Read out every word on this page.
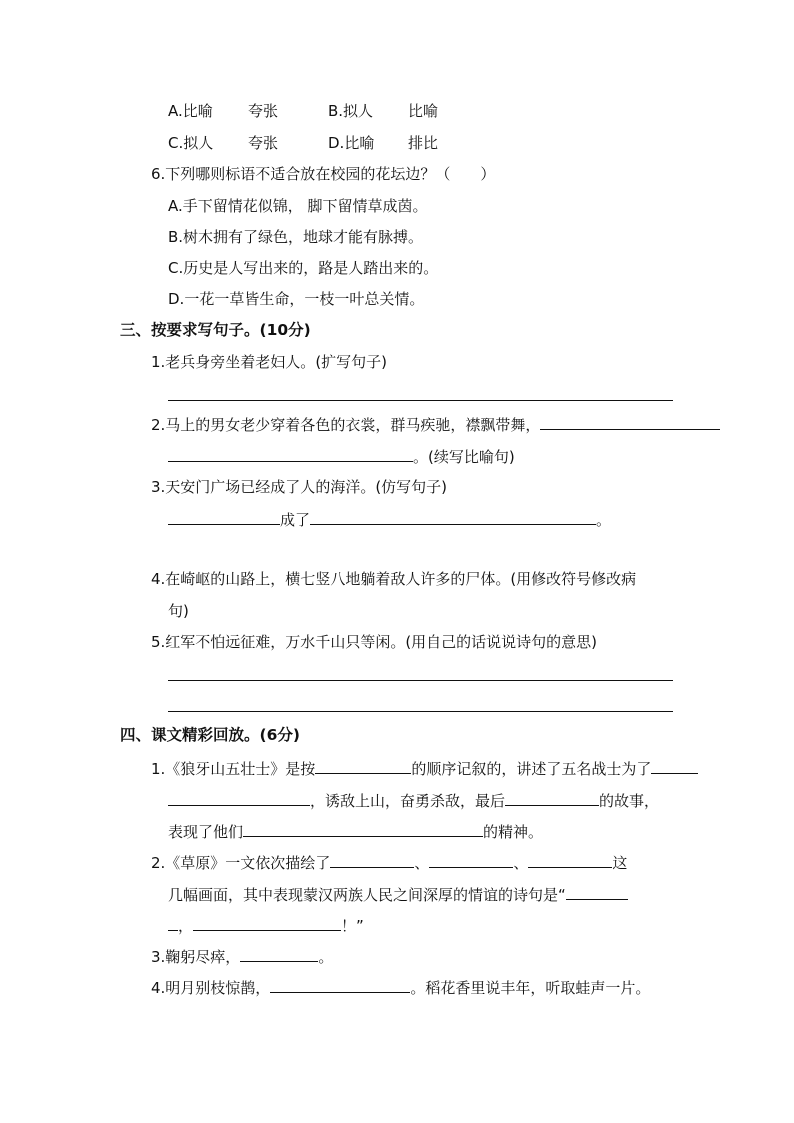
A.比喻 夸张	B.拟人 比喻
C.拟人 夸张	D.比喻 排比
6.下列哪则标语不适合放在校园的花坛边？（　　）
A.手下留情花似锦， 脚下留情草成茵。
B.树木拥有了绿色，地球才能有脉搏。
C.历史是人写出来的，路是人踏出来的。
D.一花一草皆生命，一枝一叶总关情。
三、按要求写句子。(10分)
1.老兵身旁坐着老妇人。(扩写句子)
2.马上的男女老少穿着各色的衣裳，群马疾驰，襟飘带舞，
。(续写比喻句)
3.天安门广场已经成了人的海洋。(仿写句子)
成了	。
4.在崎岖的山路上，横七竖八地躺着敌人许多的尸体。(用修改符号修改病
句)
5.红军不怕远征难，万水千山只等闲。(用自己的话说说诗句的意思)
四、课文精彩回放。(6分)
1.《狼牙山五壮士》是按	的顺序记叙的，讲述了五名战士为了
，诱敌上山，奋勇杀敌，最后	的故事，
表现了他们	的精神。
2.《草原》一文依次描绘了	、	、	这
几幅画面，其中表现蒙汉两族人民之间深厚的情谊的诗句是“
，	！”
3.鞠躬尽瘁，	。
4.明月别枝惊鹊，	。稻花香里说丰年，听取蛙声一片。
